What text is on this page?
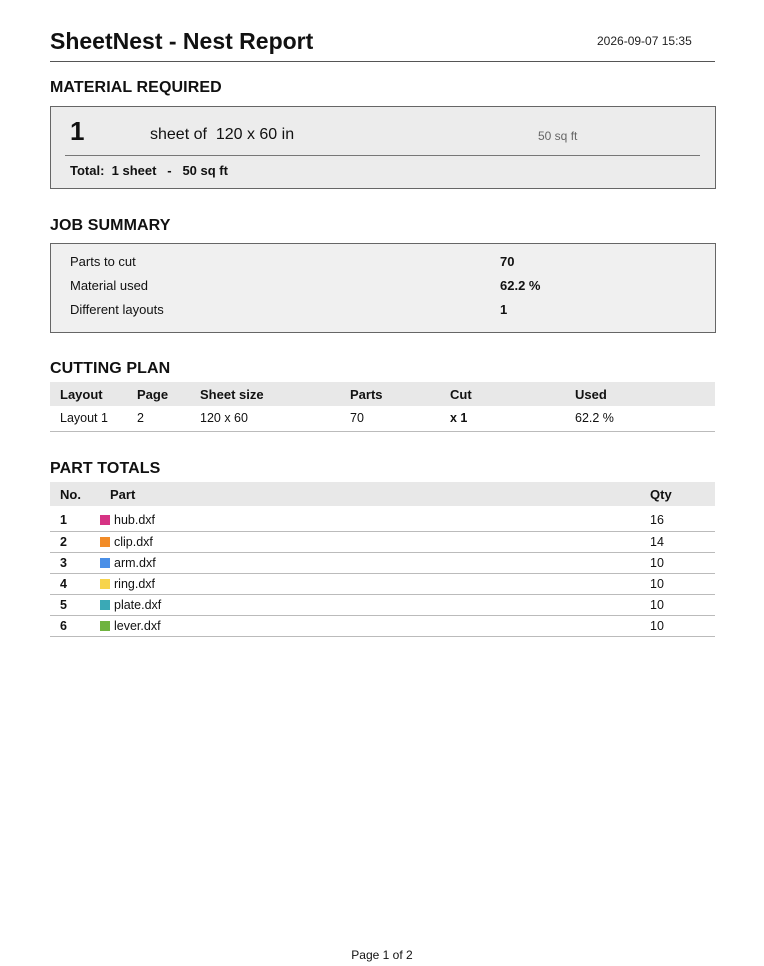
SheetNest - Nest Report	2026-09-07 15:35
MATERIAL REQUIRED
1	sheet of  120 x 60 in	50 sq ft
Total:  1 sheet   -   50 sq ft
JOB SUMMARY
Parts to cut	70
Material used	62.2 %
Different layouts	1
CUTTING PLAN
Layout	Page	Sheet size	Parts	Cut	Used
Layout 1	2	120 x 60	70	x 1	62.2 %
PART TOTALS
No.	Part	Qty
1	hub.dxf	16
2	clip.dxf	14
3	arm.dxf	10
4	ring.dxf	10
5	plate.dxf	10
6	lever.dxf	10
Page 1 of 2
